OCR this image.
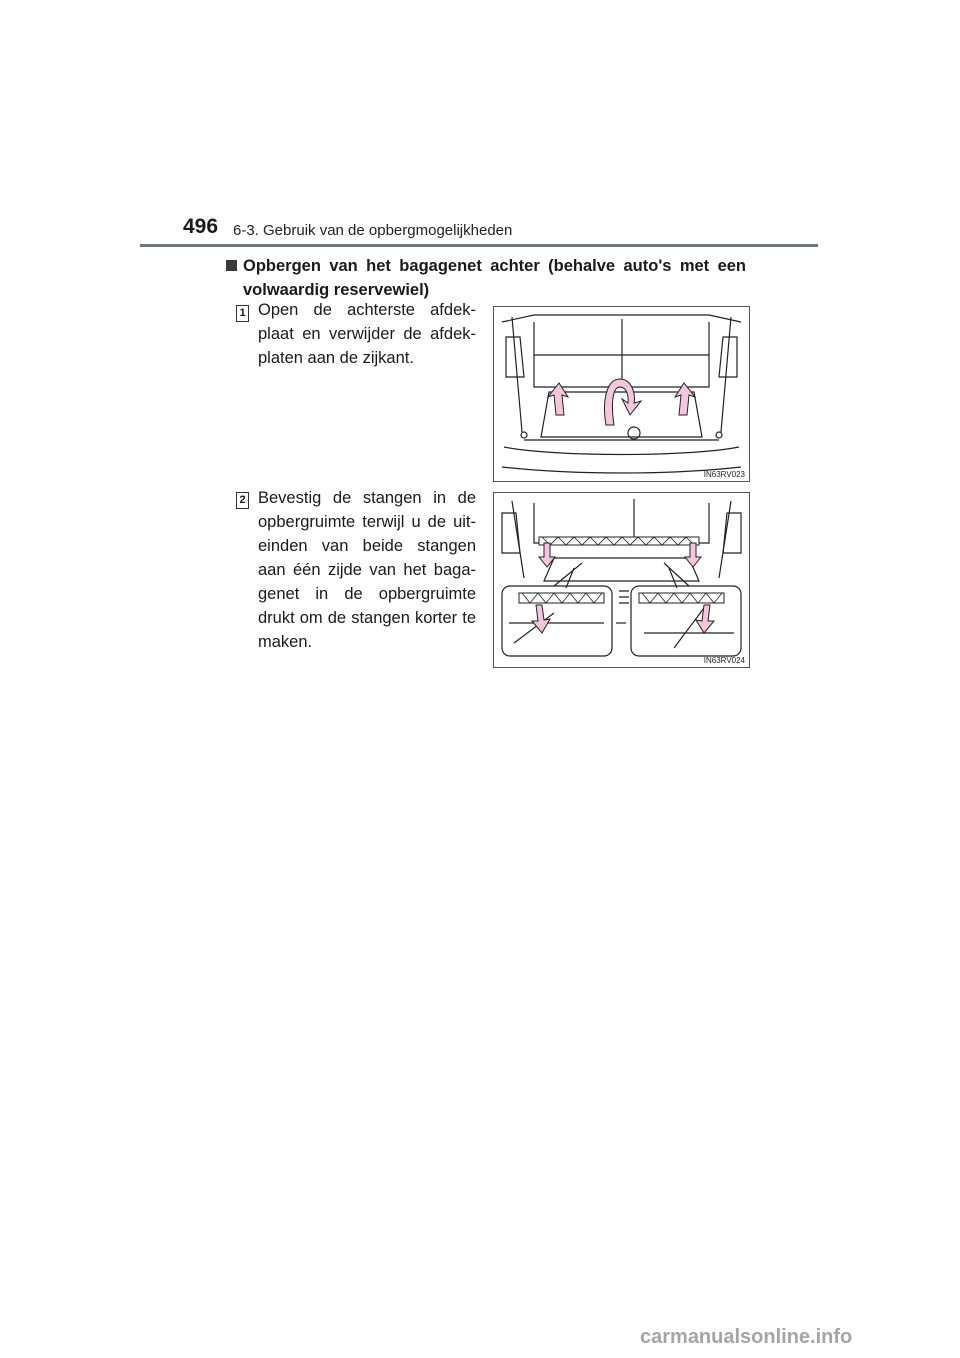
496 6-3. Gebruik van de opbergmogelijkheden
Opbergen van het bagagenet achter (behalve auto's met een volwaardig reservewiel)
1 Open de achterste afdek- plaat en verwijder de afdek- platen aan de zijkant.
IN63RV023
2 Bevestig de stangen in de opbergruimte terwijl u de uit- einden van beide stangen aan één zijde van het baga- genet in de opbergruimte drukt om de stangen korter te maken.
IN63RV024
carmanualsonline.info
